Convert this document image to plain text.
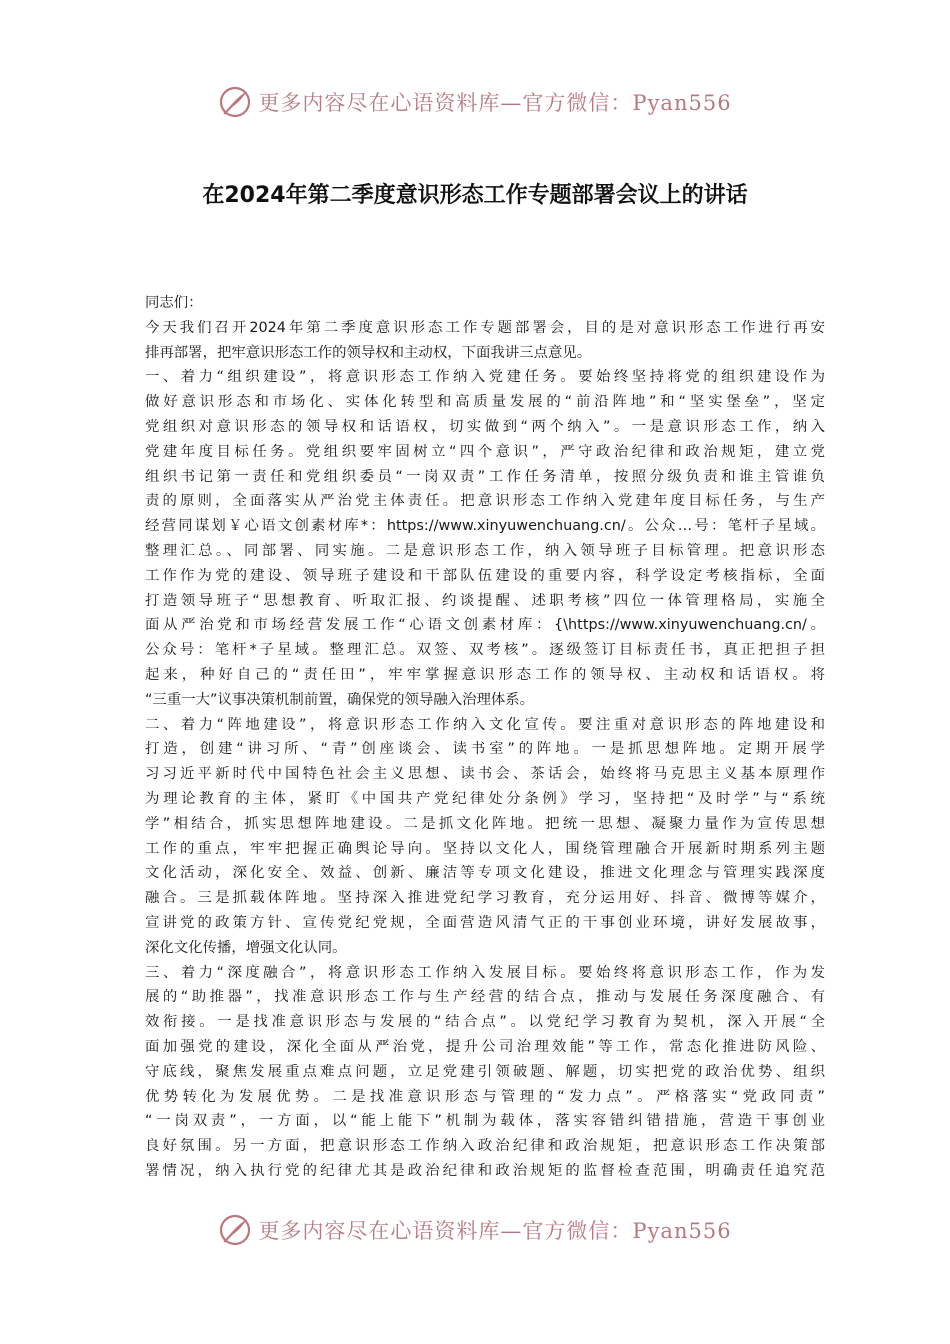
更多内容尽在心语资料库—官方微信：Pyan556
在2024年第二季度意识形态工作专题部署会议上的讲话
同志们：
今天我们召开2024年第二季度意识形态工作专题部署会，目的是对意识形态工作进行再安
排再部署，把牢意识形态工作的领导权和主动权，下面我讲三点意见。
一、着力“组织建设”，将意识形态工作纳入党建任务。要始终坚持将党的组织建设作为
做好意识形态和市场化、实体化转型和高质量发展的“前沿阵地”和“坚实堡垒”，坚定
党组织对意识形态的领导权和话语权，切实做到“两个纳入”。一是意识形态工作，纳入
党建年度目标任务。党组织要牢固树立“四个意识”，严守政治纪律和政治规矩，建立党
组织书记第一责任和党组织委员“一岗双责”工作任务清单，按照分级负责和谁主管谁负
责的原则，全面落实从严治党主体责任。把意识形态工作纳入党建年度目标任务，与生产
经营同谋划￥心语文创素材库*：https://www.xinyuwenchuang.cn/。公众…号：笔杆子星域。
整理汇总。、同部署、同实施。二是意识形态工作，纳入领导班子目标管理。把意识形态
工作作为党的建设、领导班子建设和干部队伍建设的重要内容，科学设定考核指标，全面
打造领导班子“思想教育、听取汇报、约谈提醒、述职考核”四位一体管理格局，实施全
面从严治党和市场经营发展工作“心语文创素材库：{\https://www.xinyuwenchuang.cn/。
公众号：笔杆*子星域。整理汇总。双签、双考核”。逐级签订目标责任书，真正把担子担
起来，种好自己的“责任田”，牢牢掌握意识形态工作的领导权、主动权和话语权。将
“三重一大”议事决策机制前置，确保党的领导融入治理体系。
二、着力“阵地建设”，将意识形态工作纳入文化宣传。要注重对意识形态的阵地建设和
打造，创建“讲习所、“青”创座谈会、读书室”的阵地。一是抓思想阵地。定期开展学
习习近平新时代中国特色社会主义思想、读书会、茶话会，始终将马克思主义基本原理作
为理论教育的主体，紧盯《中国共产党纪律处分条例》学习，坚持把“及时学”与“系统
学”相结合，抓实思想阵地建设。二是抓文化阵地。把统一思想、凝聚力量作为宣传思想
工作的重点，牢牢把握正确舆论导向。坚持以文化人，围绕管理融合开展新时期系列主题
文化活动，深化安全、效益、创新、廉洁等专项文化建设，推进文化理念与管理实践深度
融合。三是抓载体阵地。坚持深入推进党纪学习教育，充分运用好、抖音、微博等媒介，
宣讲党的政策方针、宣传党纪党规，全面营造风清气正的干事创业环境，讲好发展故事，
深化文化传播，增强文化认同。
三、着力“深度融合”，将意识形态工作纳入发展目标。要始终将意识形态工作，作为发
展的“助推器”，找准意识形态工作与生产经营的结合点，推动与发展任务深度融合、有
效衔接。一是找准意识形态与发展的“结合点”。以党纪学习教育为契机，深入开展“全
面加强党的建设，深化全面从严治党，提升公司治理效能”等工作，常态化推进防风险、
守底线，聚焦发展重点难点问题，立足党建引领破题、解题，切实把党的政治优势、组织
优势转化为发展优势。二是找准意识形态与管理的“发力点”。严格落实“党政同责”
“一岗双责”，一方面，以“能上能下”机制为载体，落实容错纠错措施，营造干事创业
良好氛围。另一方面，把意识形态工作纳入政治纪律和政治规矩，把意识形态工作决策部
署情况，纳入执行党的纪律尤其是政治纪律和政治规矩的监督检查范围，明确责任追究范
更多内容尽在心语资料库—官方微信：Pyan556
